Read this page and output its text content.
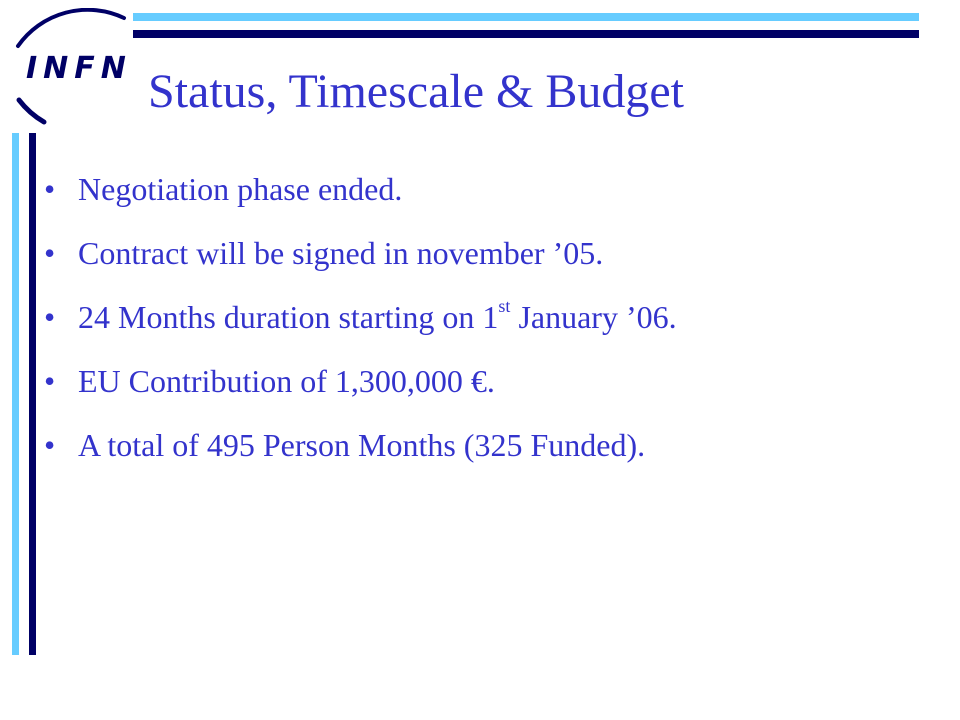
INFN Status, Timescale & Budget
• Negotiation phase ended.
• Contract will be signed in november ’05.
• 24 Months duration starting on 1st January ’06.
• EU Contribution of 1,300,000 €.
• A total of 495 Person Months (325 Funded).
